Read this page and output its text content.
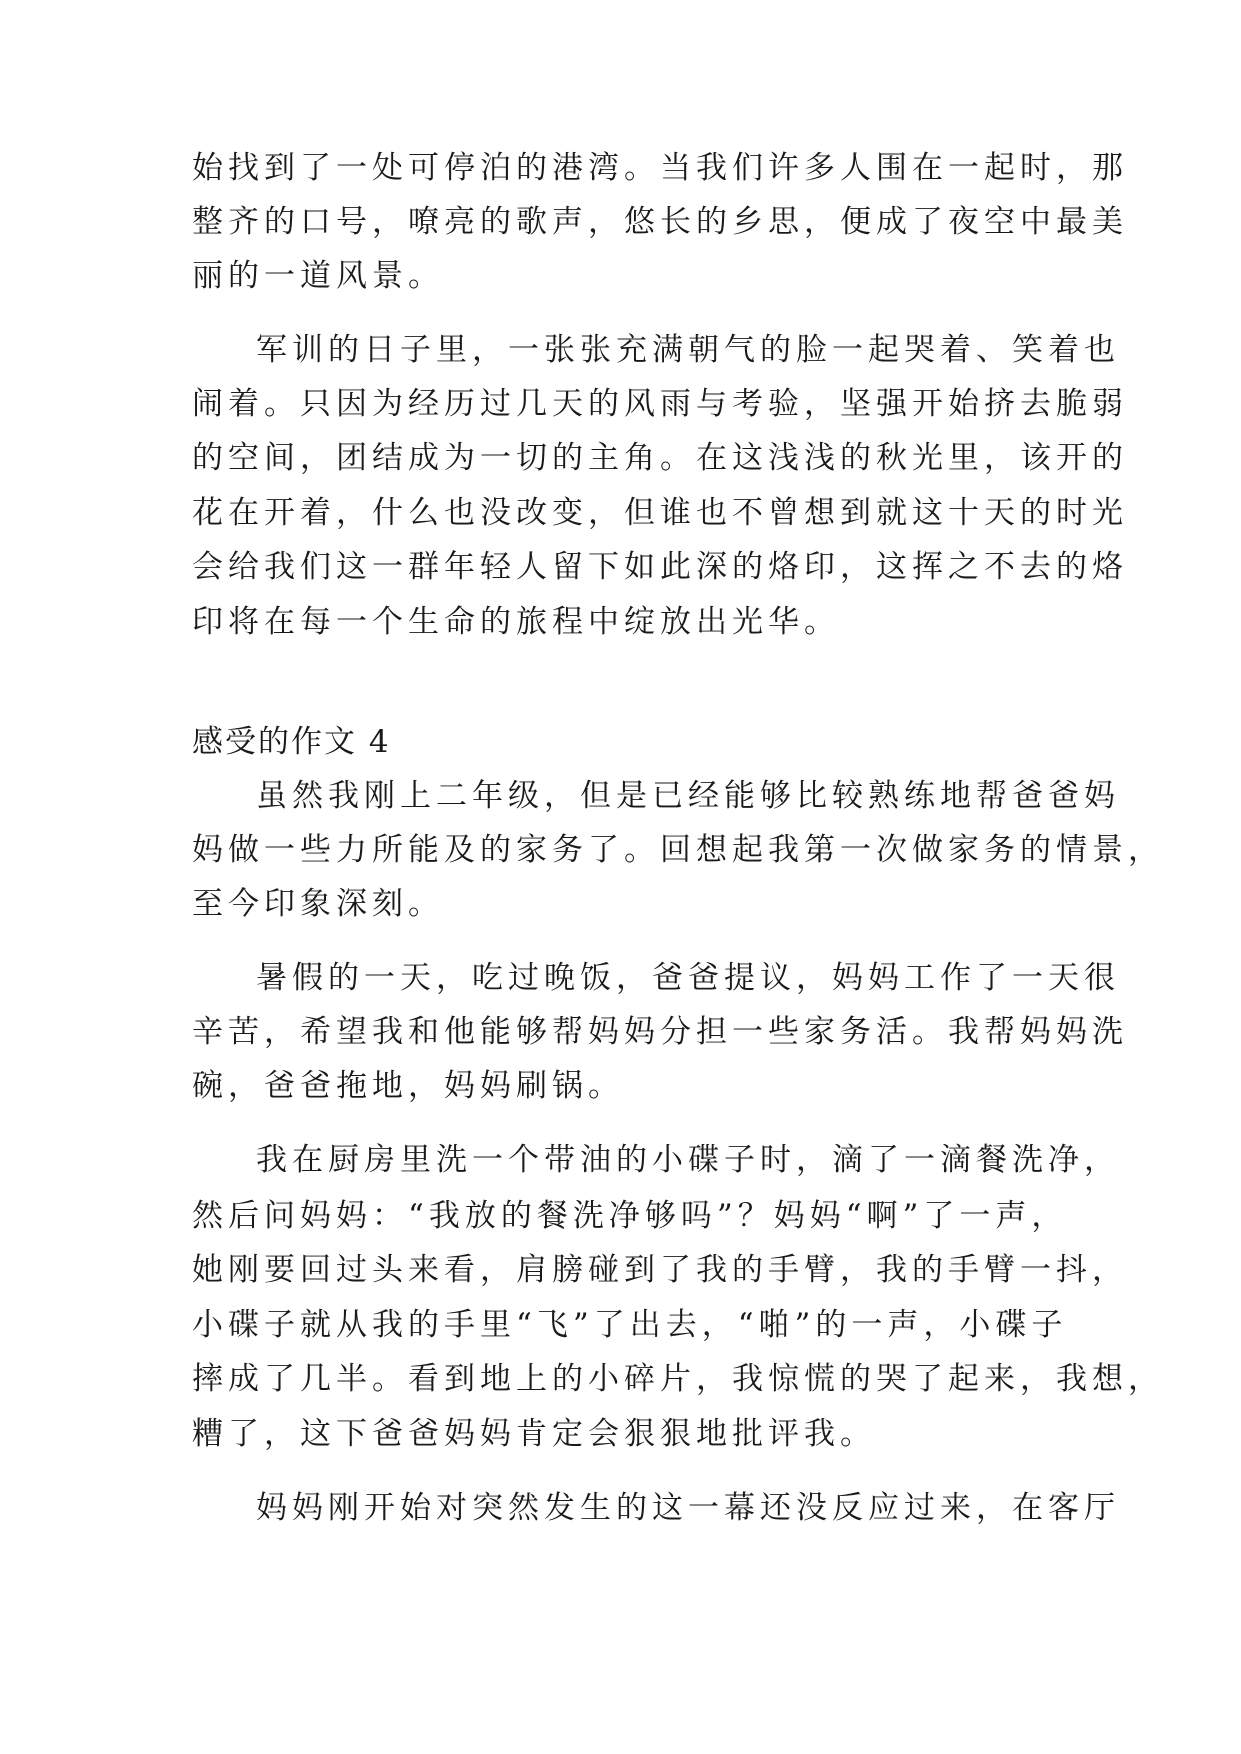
始找到了一处可停泊的港湾。当我们许多人围在一起时，那
整齐的口号，嘹亮的歌声，悠长的乡思，便成了夜空中最美
丽的一道风景。
军训的日子里，一张张充满朝气的脸一起哭着、笑着也
闹着。只因为经历过几天的风雨与考验，坚强开始挤去脆弱
的空间，团结成为一切的主角。在这浅浅的秋光里，该开的
花在开着，什么也没改变，但谁也不曾想到就这十天的时光
会给我们这一群年轻人留下如此深的烙印，这挥之不去的烙
印将在每一个生命的旅程中绽放出光华。
感受的作文 4
虽然我刚上二年级，但是已经能够比较熟练地帮爸爸妈
妈做一些力所能及的家务了。回想起我第一次做家务的情景，
至今印象深刻。
暑假的一天，吃过晚饭，爸爸提议，妈妈工作了一天很
辛苦，希望我和他能够帮妈妈分担一些家务活。我帮妈妈洗
碗，爸爸拖地，妈妈刷锅。
我在厨房里洗一个带油的小碟子时，滴了一滴餐洗净，
然后问妈妈：“我放的餐洗净够吗”？妈妈“啊”了一声，
她刚要回过头来看，肩膀碰到了我的手臂，我的手臂一抖，
小碟子就从我的手里“飞”了出去，“啪”的一声，小碟子
摔成了几半。看到地上的小碎片，我惊慌的哭了起来，我想，
糟了，这下爸爸妈妈肯定会狠狠地批评我。
妈妈刚开始对突然发生的这一幕还没反应过来，在客厅
